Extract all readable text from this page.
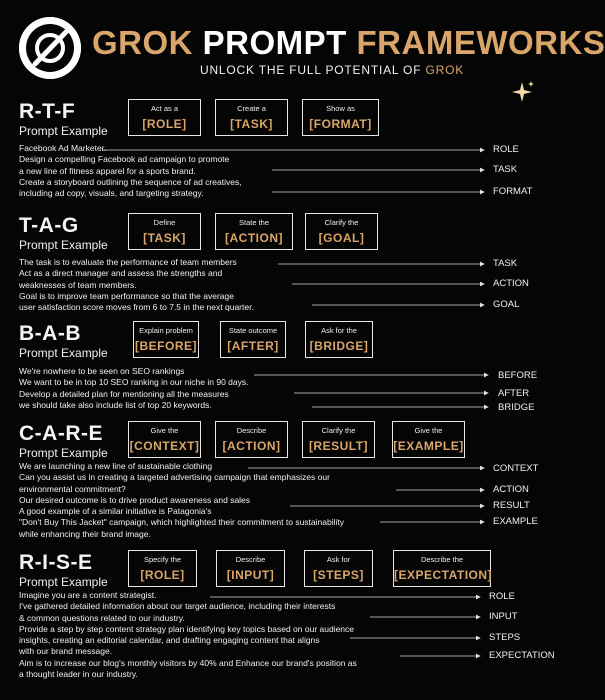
GROK PROMPT FRAMEWORKS
UNLOCK THE FULL POTENTIAL OF GROK
R-T-F
Prompt Example
Act as a
[ROLE]
Create a
[TASK]
Show as
[FORMAT]
Facebook Ad Marketer.
Design a compelling Facebook ad campaign to promote
a new line of fitness apparel for a sports brand.
Create a storyboard outlining the sequence of ad creatives,
including ad copy, visuals, and targeting strategy.
ROLE
TASK
FORMAT
T-A-G
Prompt Example
Define
[TASK]
State the
[ACTION]
Clarify the
[GOAL]
The task is to evaluate the performance of team members
Act as a direct manager and assess the strengths and
weaknesses of team members.
Goal is to improve team performance so that the average
user satisfaction score moves from 6 to 7.5 in the next quarter.
TASK
ACTION
GOAL
B-A-B
Prompt Example
Explain problem
[BEFORE]
State outcome
[AFTER]
Ask for the
[BRIDGE]
We're nowhere to be seen on SEO rankings
We want to be in top 10 SEO ranking in our niche in 90 days.
Develop a detailed plan for mentioning all the measures
we should take also include list of top 20 keywords.
BEFORE
AFTER
BRIDGE
C-A-R-E
Prompt Example
Give the
[CONTEXT]
Describe
[ACTION]
Clarify the
[RESULT]
Give the
[EXAMPLE]
We are launching a new line of sustainable clothing
Can you assist us in creating a targeted advertising campaign that emphasizes our
environmental commitment?
Our desired outcome is to drive product awareness and sales
A good example of a similar initiative is Patagonia's
"Don't Buy This Jacket" campaign, which highlighted their commitment to sustainability
while enhancing their brand image.
CONTEXT
ACTION
RESULT
EXAMPLE
R-I-S-E
Prompt Example
Specify the
[ROLE]
Describe
[INPUT]
Ask for
[STEPS]
Describe the
[EXPECTATION]
Imagine you are a content strategist.
I've gathered detailed information about our target audience, including their interests
& common questions related to our industry.
Provide a step by step content strategy plan identifying key topics based on our audience
insights, creating an editorial calendar, and drafting engaging content that aligns
with our brand message.
Aim is to increase our blog's monthly visitors by 40% and Enhance our brand's position as
a thought leader in our industry.
ROLE
INPUT
STEPS
EXPECTATION
